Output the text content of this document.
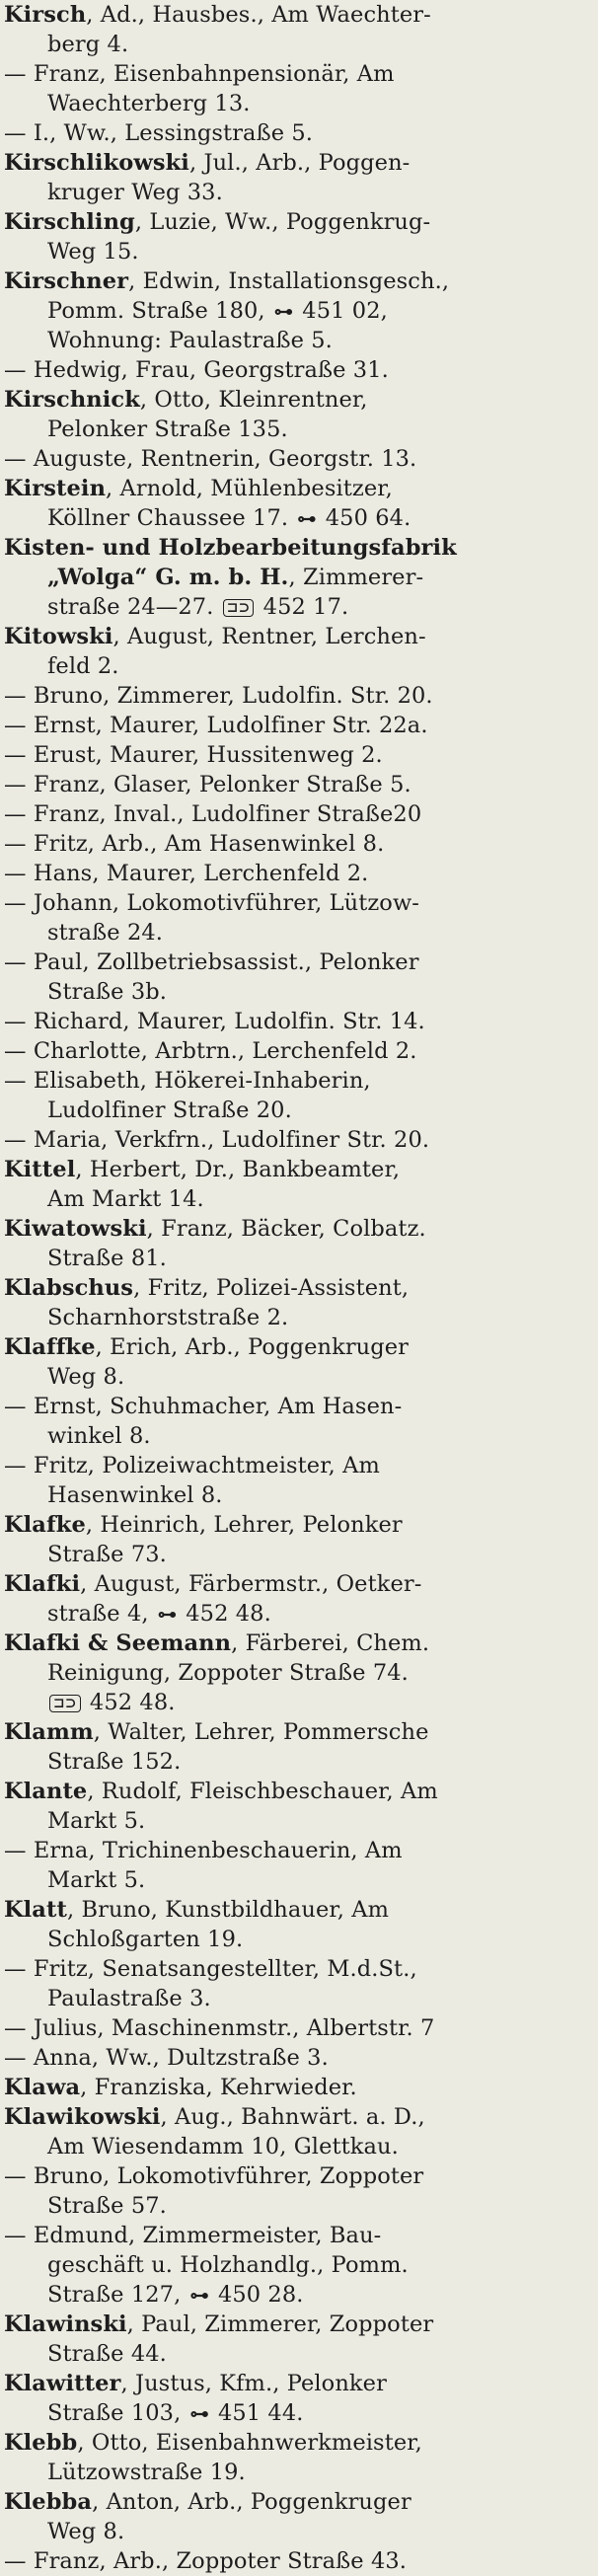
Kirsch, Ad., Hausbes., Am Waechter-
berg 4.
— Franz, Eisenbahnpensionär, Am
Waechterberg 13.
— I., Ww., Lessingstraße 5.
Kirschlikowski, Jul., Arb., Poggen-
kruger Weg 33.
Kirschling, Luzie, Ww., Poggenkrug-
Weg 15.
Kirschner, Edwin, Installationsgesch.,
Pomm. Straße 180, ⊶ 451 02,
Wohnung: Paulastraße 5.
— Hedwig, Frau, Georgstraße 31.
Kirschnick, Otto, Kleinrentner,
Pelonker Straße 135.
— Auguste, Rentnerin, Georgstr. 13.
Kirstein, Arnold, Mühlenbesitzer,
Köllner Chaussee 17. ⊶ 450 64.
Kisten- und Holzbearbeitungsfabrik
„Wolga“ G. m. b. H., Zimmerer-
straße 24—27. ⊐⊃ 452 17.
Kitowski, August, Rentner, Lerchen-
feld 2.
— Bruno, Zimmerer, Ludolfin. Str. 20.
— Ernst, Maurer, Ludolfiner Str. 22a.
— Erust, Maurer, Hussitenweg 2.
— Franz, Glaser, Pelonker Straße 5.
— Franz, Inval., Ludolfiner Straße20
— Fritz, Arb., Am Hasenwinkel 8.
— Hans, Maurer, Lerchenfeld 2.
— Johann, Lokomotivführer, Lützow-
straße 24.
— Paul, Zollbetriebsassist., Pelonker
Straße 3b.
— Richard, Maurer, Ludolfin. Str. 14.
— Charlotte, Arbtrn., Lerchenfeld 2.
— Elisabeth, Hökerei-Inhaberin,
Ludolfiner Straße 20.
— Maria, Verkfrn., Ludolfiner Str. 20.
Kittel, Herbert, Dr., Bankbeamter,
Am Markt 14.
Kiwatowski, Franz, Bäcker, Colbatz.
Straße 81.
Klabschus, Fritz, Polizei-Assistent,
Scharnhorststraße 2.
Klaffke, Erich, Arb., Poggenkruger
Weg 8.
— Ernst, Schuhmacher, Am Hasen-
winkel 8.
— Fritz, Polizeiwachtmeister, Am
Hasenwinkel 8.
Klafke, Heinrich, Lehrer, Pelonker
Straße 73.
Klafki, August, Färbermstr., Oetker-
straße 4, ⊶ 452 48.
Klafki & Seemann, Färberei, Chem.
Reinigung, Zoppoter Straße 74.
⊐⊃ 452 48.
Klamm, Walter, Lehrer, Pommersche
Straße 152.
Klante, Rudolf, Fleischbeschauer, Am
Markt 5.
— Erna, Trichinenbeschauerin, Am
Markt 5.
Klatt, Bruno, Kunstbildhauer, Am
Schloßgarten 19.
— Fritz, Senatsangestellter, M.d.St.,
Paulastraße 3.
— Julius, Maschinenmstr., Albertstr. 7
— Anna, Ww., Dultzstraße 3.
Klawa, Franziska, Kehrwieder.
Klawikowski, Aug., Bahnwärt. a. D.,
Am Wiesendamm 10, Glettkau.
— Bruno, Lokomotivführer, Zoppoter
Straße 57.
— Edmund, Zimmermeister, Bau-
geschäft u. Holzhandlg., Pomm.
Straße 127, ⊶ 450 28.
Klawinski, Paul, Zimmerer, Zoppoter
Straße 44.
Klawitter, Justus, Kfm., Pelonker
Straße 103, ⊶ 451 44.
Klebb, Otto, Eisenbahnwerkmeister,
Lützowstraße 19.
Klebba, Anton, Arb., Poggenkruger
Weg 8.
— Franz, Arb., Zoppoter Straße 43.
